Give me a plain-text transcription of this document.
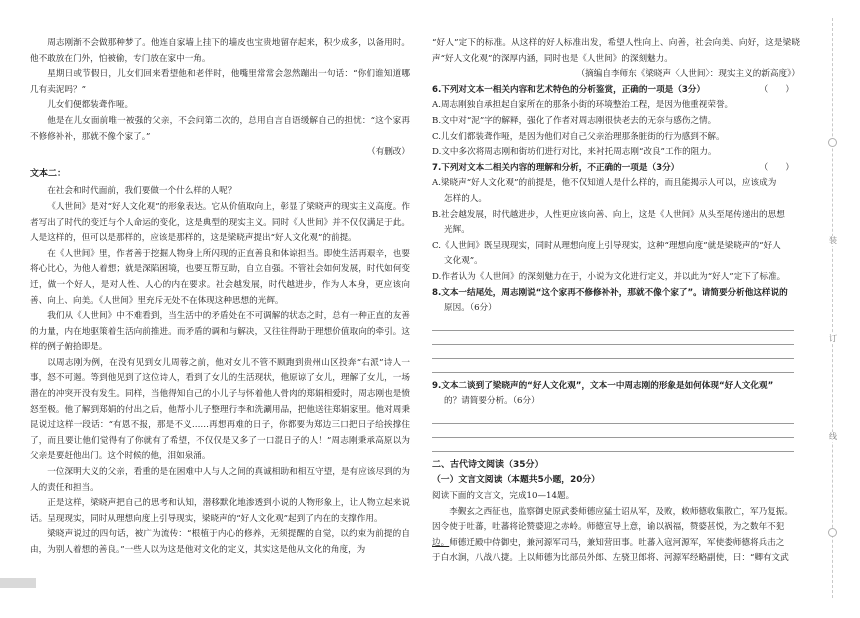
周志刚渐不会做那种梦了。他连自家墙上挂下的墙皮也宝贵地留存起来，积少成多，以备用时。他不敢放在门外，怕被偷，专门放在家中一角。

星期日或节假日，儿女们回来看望他和老伴时，他嘴里常常会忽然蹦出一句话：“你们谁知道哪几有卖泥吗？”

儿女们便都装聋作哑。

他是在儿女面前唯一被强的父亲，不会问第二次的，总用自言自语缓解自己的担忧：“这个家再不修修补补，那就不像个家了。”

（有删改）

文本二：

在社会和时代面前，我们要做一个什么样的人呢？

《人世间》是对“好人文化观”的形象表达。它从价值取向上，彰显了梁晓声的现实主义高度。作者写出了时代的变迁与个人命运的变化，这是典型的现实主义。同时《人世间》并不仅仅满足于此。人是这样的，但可以是那样的，应该是那样的，这是梁晓声提出“好人文化观”的前提。

在《人世间》里，作者善于挖掘人物身上所闪现的正直善良和体谅担当。即使生活再艰辛，也要将心比心，为他人着想；就是深陷困境，也要互帮互助，自立自强。不管社会如何发展，时代如何变迁，做一个好人，是对人性、人心的内在要求。社会越发展，时代越进步，作为人本身，更应该向善、向上、向美。《人世间》里充斥无处不在体现这种思想的光辉。

我们从《人世间》中不难看到，当生活中的矛盾处在不可调解的状态之时，总有一种正直的友善的力量，内在地驱策着生活向前推进。而矛盾的调和与解决，又往往得助于理想价值取向的牵引。这样的例子俯拾即是。

以周志刚为例，在没有见到女儿周蓉之前，他对女儿不管不顾跑到贵州山区投奔“右派”诗人一事，怒不可遏。等到他见到了这位诗人，看到了女儿的生活现状，他原谅了女儿，理解了女儿，一场潜在的冲突开没有发生。同样，当他得知自己的小儿子与怀着他人骨肉的郑娟相爱时，周志刚也是愤怒至极。他了解到郑娟的付出之后，他帮小儿子整理行李和洗涮用品，把他送往郑娟家里。他对周秉昆说过这样一段话：“有恩不报，那是不义……再想再难的日子，你都要为郑边三口把日子给挨撑住了，而且要让他们觉得有了你就有了希望，不仅仅是又多了一口混日子的人！”周志刚秉承高原以为父亲是要赶他出门。这个时候的他，泪如泉涌。

一位深明大义的父亲，看重的是在困难中人与人之间的真诚相助和相互守望，是有应该尽到的为人的责任和担当。

正是这样，梁晓声把自己的思考和认知，潜移默化地渗透到小说的人物形象上，让人物立起来说话。呈现现实，同时从理想向度上引导现实，梁晓声的“好人文化观”起到了内在的支撑作用。

梁晓声说过的四句话，被广为流传：“根植于内心的修养，无须提醒的自觉，以约束为前提的自由，为别人着想的善良。”一些人以为这是他对文化的定义，其实这是他从文化的角度，为

“好人”定下的标准。从这样的好人标准出发，希望人性向上、向善，社会向美、向好，这是梁晓声“好人文化观”的深厚内涵，同时也是《人世间》的深刻魅力。

（摘编自李师东《梁晓声〈人世间〉：现实主义的新高度》）

6.下列对文本一相关内容和艺术特色的分析鉴赏，正确的一项是（3分）	（　　）

A.周志刚独自承担起自家所在的那条小街的环境整治工程，是因为他重视荣誉。

B.文中对“泥”字的解释，强化了作者对周志刚很快老去的无奈与感伤之情。

C.儿女们都装聋作哑，是因为他们对自己父亲治理那条脏街的行为感到不解。

D.文中多次将周志刚和街坊们进行对比，来衬托周志刚“改良”工作的阻力。

7.下列对文本二相关内容的理解和分析，不正确的一项是（3分）	（　　）

A.梁晓声“好人文化观”的前提是，他不仅知道人是什么样的，而且能揭示人可以，应该成为

怎样的人。

B.社会越发展，时代越进步，人性更应该向善、向上，这是《人世间》从头至尾传递出的思想

光辉。

C.《人世间》既呈现现实，同时从理想向度上引导现实，这种“理想向度”就是梁晓声的“好人

文化观”。

D.作者认为《人世间》的深刻魅力在于，小说为文化进行定义，并以此为“好人”定下了标准。

8.文本一结尾处，周志刚说“这个家再不修修补补，那就不像个家了”。请简要分析他这样说的

原因。（6分）

9.文本二谈到了梁晓声的“好人文化观”，文本一中周志刚的形象是如何体现“好人文化观”

的？请简要分析。（6分）

二、古代诗文阅读（35分）

（一）文言文阅读（本题共5小题，20分）

阅读下面的文言文，完成10—14题。

李觐玄之西征也，监察御史原武娄师德应猛士诏从军，及败，敕师德收集散亡，军乃复振。

因令使于吐蕃，吐蕃将论赞婆迎之赤岭。师德宣导上意，谕以祸福，赞婆甚悦，为之数年不犯

边。师德迁殿中侍御史，兼河源军司马，兼知营田事。吐蕃入寇河源军，军使娄师德将兵击之

于白水涧，八战八捷。上以师德为比部员外郎、左骁卫郎将、河源军经略副使，曰：“卿有文武

装
订
线
